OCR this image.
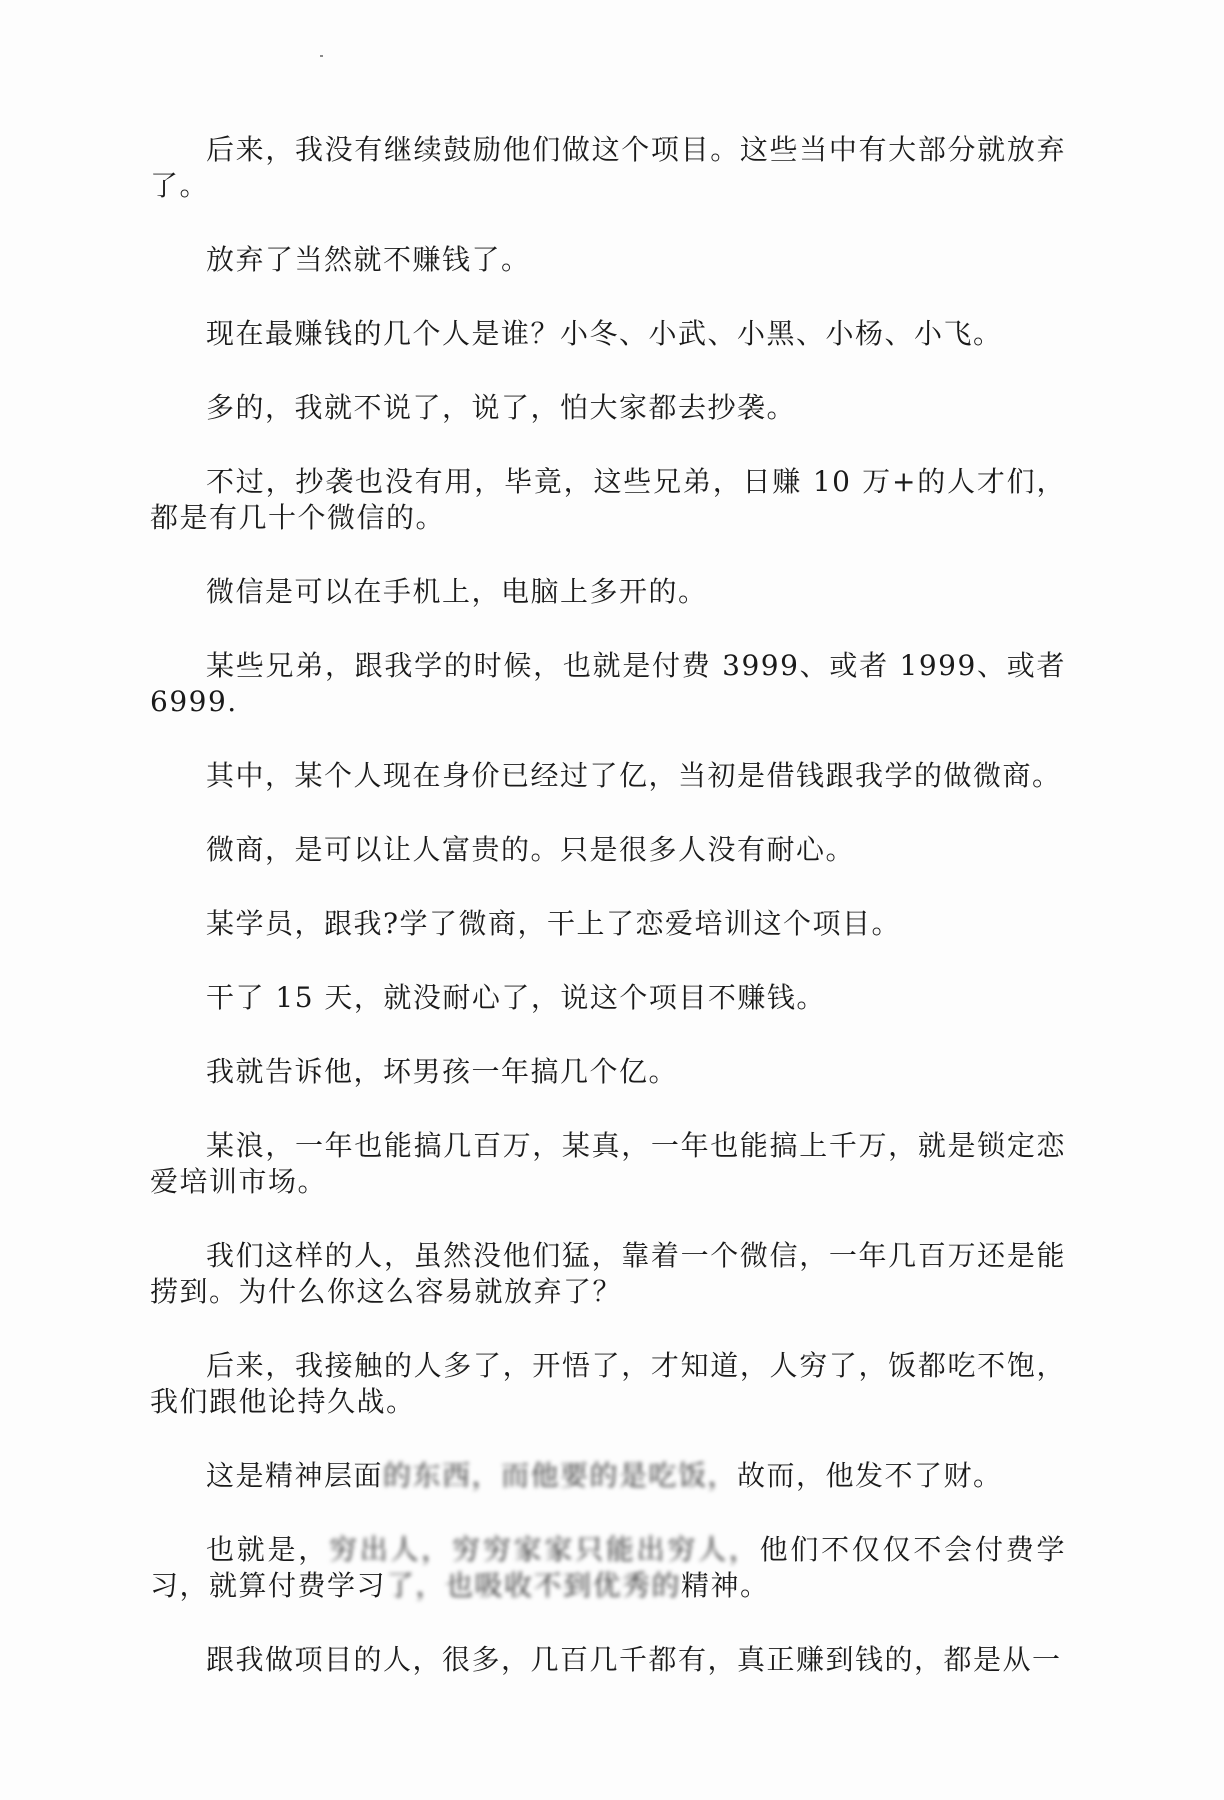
后来，我没有继续鼓励他们做这个项目。这些当中有大部分就放弃了。

放弃了当然就不赚钱了。

现在最赚钱的几个人是谁？小冬、小武、小黑、小杨、小飞。

多的，我就不说了，说了，怕大家都去抄袭。

不过，抄袭也没有用，毕竟，这些兄弟，日赚 10 万+的人才们，都是有几十个微信的。

微信是可以在手机上，电脑上多开的。

某些兄弟，跟我学的时候，也就是付费 3999、或者 1999、或者 6999.

其中，某个人现在身价已经过了亿，当初是借钱跟我学的做微商。

微商，是可以让人富贵的。只是很多人没有耐心。

某学员，跟我?学了微商，干上了恋爱培训这个项目。

干了 15 天，就没耐心了，说这个项目不赚钱。

我就告诉他，坏男孩一年搞几个亿。

某浪，一年也能搞几百万，某真，一年也能搞上千万，就是锁定恋爱培训市场。

我们这样的人，虽然没他们猛，靠着一个微信，一年几百万还是能捞到。为什么你这么容易就放弃了？

后来，我接触的人多了，开悟了，才知道，人穷了，饭都吃不饱，我们跟他论持久战。

这是精神层面的东西，而他要的是吃饭，故而，他发不了财。

也就是，穷出人，穷穷家家只能出穷人，他们不仅仅不会付费学习，就算付费学习了，也吸收不到优秀的精神。

跟我做项目的人，很多，几百几千都有，真正赚到钱的，都是从一
